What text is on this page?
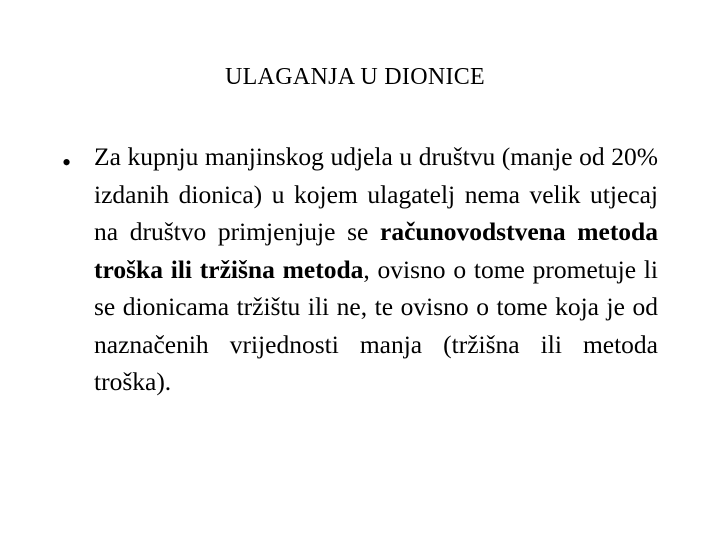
ULAGANJA U DIONICE
• Za kupnju manjinskog udjela u društvu (manje od 20% izdanih dionica) u kojem ulagatelj nema velik utjecaj na društvo primjenjuje se računovodstvena metoda troška ili tržišna metoda, ovisno o tome prometuje li se dionicama tržištu ili ne, te ovisno o tome koja je od naznačenih vrijednosti manja (tržišna ili metoda troška).
